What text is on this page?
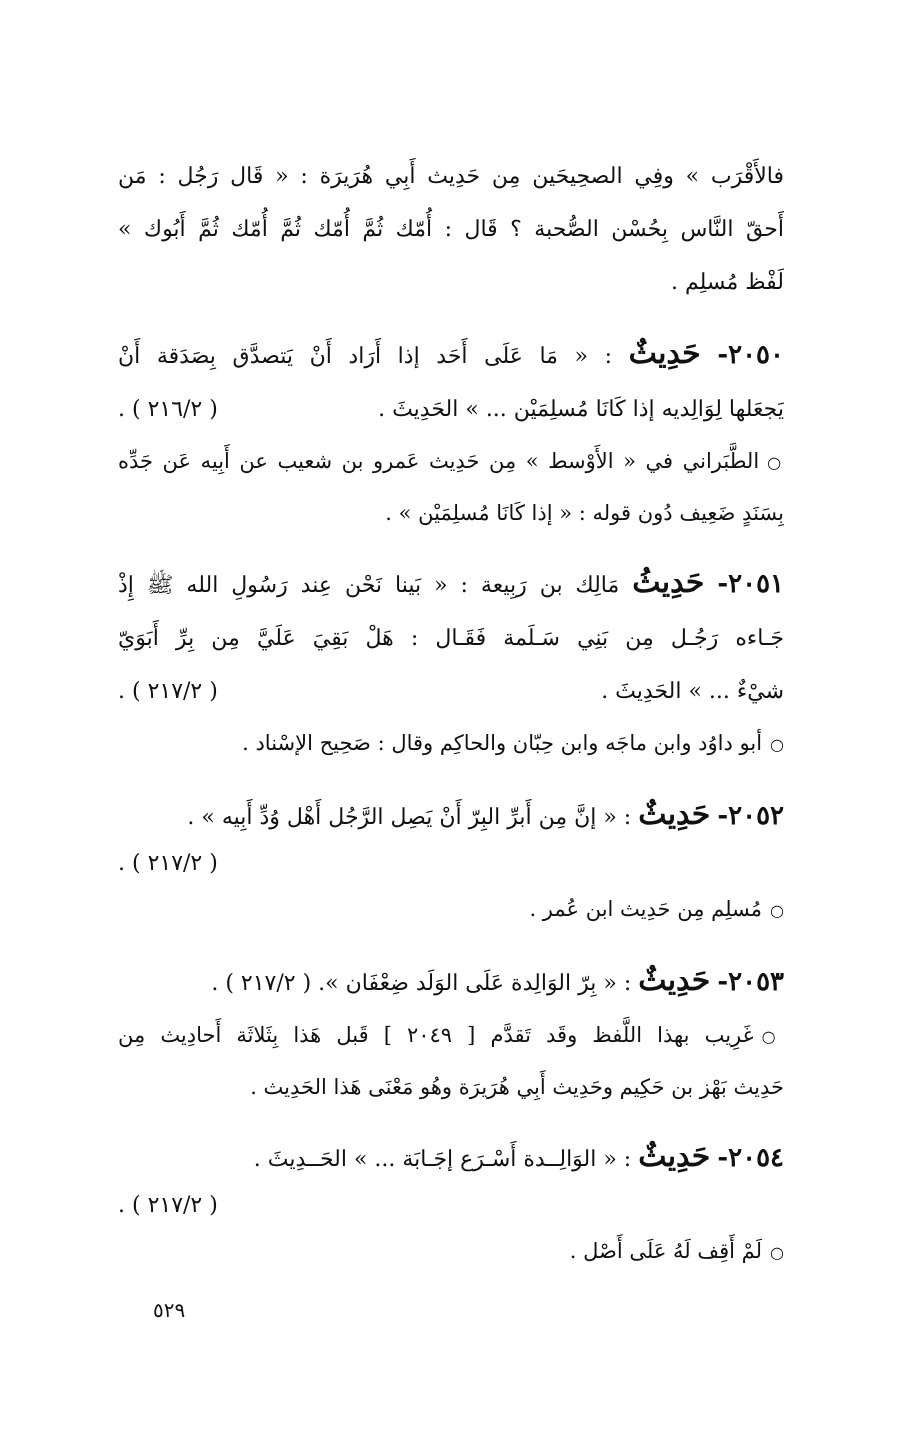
فالأَقْرَب » وفِي الصحِيحَين مِن حَدِيث أَبِي هُرَيرَة : « قَال رَجُل : مَن
أَحقّ النَّاس بِحُسْن الصُّحبة ؟ قَال : أُمّك ثُمَّ أُمّك ثُمَّ أُمّك ثُمَّ أَبُوك »
لَفْظ مُسلِم .
٢٠٥٠- حَدِيثٌ : « مَا عَلَى أَحَد إذا أَرَاد أَنْ يَتصدَّق بِصَدَقة أَنْ
يَجعَلها لِوَالِديه إذا كَانَا مُسلِمَيْن ... » الحَدِيثَ .
( ٢١٦/٢ ) .
○الطَّبَراني في « الأَوْسط » مِن حَدِيث عَمرو بن شعيب عن أَبِيه عَن جَدِّه
بِسَنَدٍ ضَعِيف دُون قوله : « إذا كَانَا مُسلِمَيْن » .
٢٠٥١- حَدِيثُ مَالِك بن رَبِيعة : « بَينا نَحْن عِند رَسُولِ الله ﷺ إِذْ
جَـاءه رَجُـل مِن بَنِي سَـلَمة فَقَـال : هَلْ بَقِيَ عَلَيَّ مِن بِرِّ أَبَوَيّ
شيْءٌ ... » الحَدِيثَ .
( ٢١٧/٢ ) .
○أبو داوُد وابن ماجَه وابن حِبّان والحاكِم وقال : صَحِيح الإسْناد .
٢٠٥٢- حَدِيثٌ : « إنَّ مِن أَبرِّ البِرّ أَنْ يَصِل الرَّجُل أَهْل وُدِّ أَبِيه » .
( ٢١٧/٢ ) .
○مُسلِم مِن حَدِيث ابن عُمر .
٢٠٥٣- حَدِيثٌ : « بِرّ الوَالِدة عَلَى الوَلَد ضِعْفَان ». ( ٢١٧/٢ ) .
○غَرِيب بهذا اللَّفظ وقَد تَقدَّم [ ٢٠٤٩ ] قَبل هَذا بِثَلاثَة أَحادِيث مِن
حَدِيث بَهْز بن حَكِيم وحَدِيث أَبِي هُرَيرَة وهُو مَعْنَى هَذا الحَدِيث .
٢٠٥٤- حَدِيثٌ : « الوَالِــدة أَسْـرَع إجَـابَة ... » الحَــدِيثَ .
( ٢١٧/٢ ) .
○لَمْ أَقِف لَهُ عَلَى أَصْل .
٥٢٩
